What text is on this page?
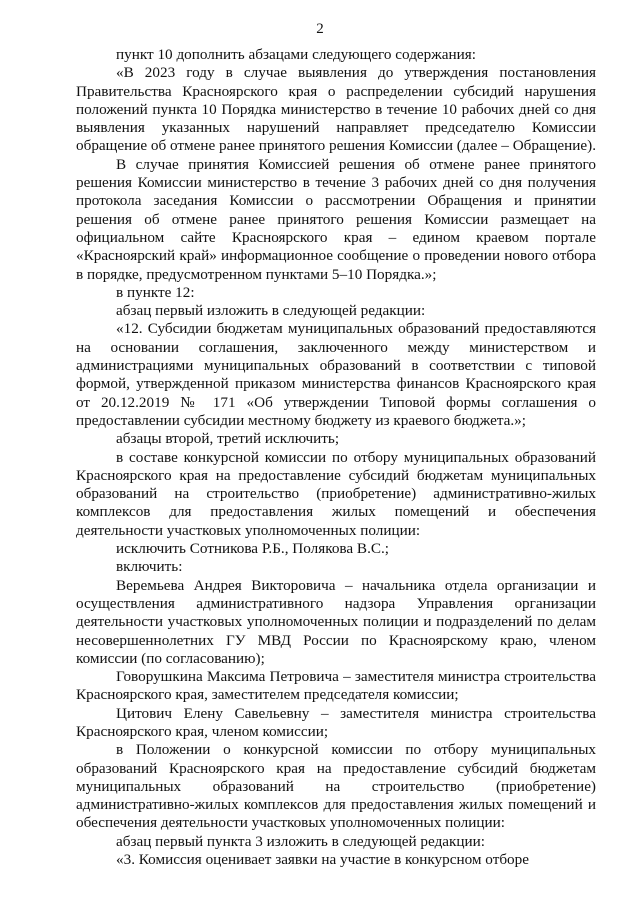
2

пункт 10 дополнить абзацами следующего содержания:

«В 2023 году в случае выявления до утверждения постановления Правительства Красноярского края о распределении субсидий нарушения положений пункта 10 Порядка министерство в течение 10 рабочих дней со дня выявления указанных нарушений направляет председателю Комиссии обращение об отмене ранее принятого решения Комиссии (далее – Обращение).

В случае принятия Комиссией решения об отмене ранее принятого решения Комиссии министерство в течение 3 рабочих дней со дня получения протокола заседания Комиссии о рассмотрении Обращения и принятии решения об отмене ранее принятого решения Комиссии размещает на официальном сайте Красноярского края – едином краевом портале «Красноярский край» информационное сообщение о проведении нового отбора в порядке, предусмотренном пунктами 5–10 Порядка.»;

в пункте 12:

абзац первый изложить в следующей редакции:

«12. Субсидии бюджетам муниципальных образований предоставляются на основании соглашения, заключенного между министерством и администрациями муниципальных образований в соответствии с типовой формой, утвержденной приказом министерства финансов Красноярского края от 20.12.2019 № 171 «Об утверждении Типовой формы соглашения о предоставлении субсидии местному бюджету из краевого бюджета.»;

абзацы второй, третий исключить;

в составе конкурсной комиссии по отбору муниципальных образований Красноярского края на предоставление субсидий бюджетам муниципальных образований на строительство (приобретение) административно-жилых комплексов для предоставления жилых помещений и обеспечения деятельности участковых уполномоченных полиции:

исключить Сотникова Р.Б., Полякова В.С.;

включить:

Веремьева Андрея Викторовича – начальника отдела организации и осуществления административного надзора Управления организации деятельности участковых уполномоченных полиции и подразделений по делам несовершеннолетних ГУ МВД России по Красноярскому краю, членом комиссии (по согласованию);

Говорушкина Максима Петровича – заместителя министра строительства Красноярского края, заместителем председателя комиссии;

Цитович Елену Савельевну – заместителя министра строительства Красноярского края, членом комиссии;

в Положении о конкурсной комиссии по отбору муниципальных образований Красноярского края на предоставление субсидий бюджетам муниципальных образований на строительство (приобретение) административно-жилых комплексов для предоставления жилых помещений и обеспечения деятельности участковых уполномоченных полиции:

абзац первый пункта 3 изложить в следующей редакции:

«3. Комиссия оценивает заявки на участие в конкурсном отборе
